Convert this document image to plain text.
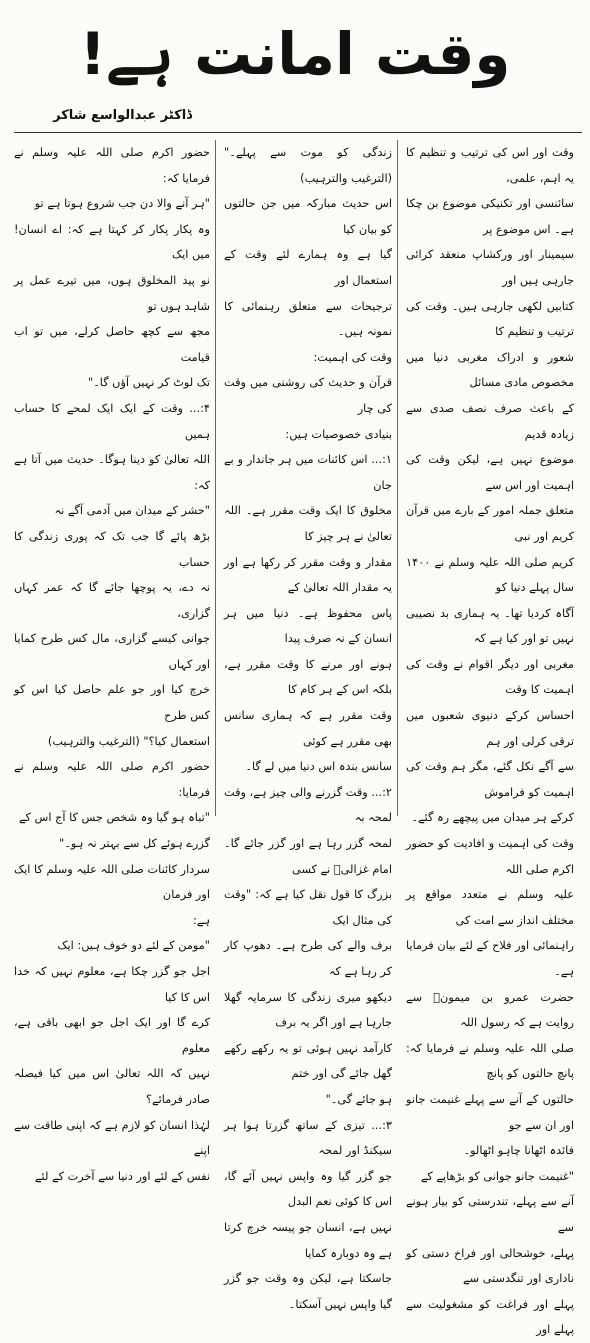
وقت امانت ہے!
ڈاکٹر عبدالواسع شاکر

وقت اور اس کی ترتیب و تنظیم کا یہ اہم، علمی،

سائنسی اور تکنیکی موضوع بن چکا ہے۔ اس موضوع پر

سیمینار اور ورکشاپ منعقد کرائی جارہی ہیں اور

کتابیں لکھی جارہی ہیں۔ وقت کی ترتیب و تنظیم کا

شعور و ادراک مغربی دنیا میں مخصوص مادی مسائل

کے باعث صرف نصف صدی سے زیادہ قدیم

موضوع نہیں ہے، لیکن وقت کی اہمیت اور اس سے

متعلق جملہ امور کے بارے میں قرآن کریم اور نبی

کریم صلی اللہ علیہ وسلم نے ۱۴۰۰ سال پہلے دنیا کو

آگاہ کردیا تھا۔ یہ ہماری بد نصیبی نہیں تو اور کیا ہے کہ

مغربی اور دیگر اقوام نے وقت کی اہمیت کا وقت

احساس کرکے دنیوی شعبوں میں ترقی کرلی اور ہم

سے آگے نکل گئے، مگر ہم وقت کی اہمیت کو فراموش

کرکے ہر میدان میں پیچھے رہ گئے۔

وقت کی اہمیت و افادیت کو حضور اکرم صلی اللہ

علیہ وسلم نے متعدد مواقع پر مختلف انداز سے امت کی

راہنمائی اور فلاح کے لئے بیان فرمایا ہے۔

حضرت عمرو بن میمونؓ سے روایت ہے کہ رسول اللہ

صلی اللہ علیہ وسلم نے فرمایا کہ: پانچ حالتوں کو پانچ

حالتوں کے آنے سے پہلے غنیمت جانو اور ان سے جو

فائدہ اٹھانا چاہو اٹھالو۔

"غنیمت جانو جوانی کو بڑھاپے کے

آنے سے پہلے، تندرستی کو بیار ہونے سے

پہلے، خوشحالی اور فراخ دستی کو ناداری اور تنگدستی سے

پہلے اور فراغت کو مشغولیت سے پہلے اور

زندگی کو موت سے پہلے۔" (الترغیب والترہیب)

اس حدیث مبارکہ میں جن حالتوں کو بیان کیا

گیا ہے وہ ہمارے لئے وقت کے استعمال اور

ترجیحات سے متعلق رہنمائی کا نمونہ ہیں۔

وقت کی اہمیت:

قرآن و حدیث کی روشنی میں وقت کی چار

بنیادی خصوصیات ہیں:

۱:... اس کائنات میں ہر جاندار و بے جان

مخلوق کا ایک وقت مقرر ہے۔ اللہ تعالیٰ نے ہر چیز کا

مقدار و وقت مقرر کر رکھا ہے اور یہ مقدار اللہ تعالیٰ کے

پاس محفوظ ہے۔ دنیا میں ہر انسان کے نہ صرف پیدا

ہونے اور مرنے کا وقت مقرر ہے، بلکہ اس کے ہر کام کا

وقت مقرر ہے کہ ہماری سانس بھی مقرر ہے کوئی

سانس بندہ اس دنیا میں لے گا۔

۲:... وقت گزرنے والی چیز ہے، وقت لمحہ بہ

لمحہ گزر رہا ہے اور گزر جائے گا۔ امام غزالیؒ نے کسی

بزرگ کا قول نقل کیا ہے کہ: "وقت کی مثال ایک

برف والے کی طرح ہے۔ دھوپ کار کر رہا ہے کہ

دیکھو میری زندگی کا سرمایہ گھلا جارہا ہے اور اگر یہ برف

کارآمد نہیں ہوئی تو یہ رکھے رکھے گھل جائے گی اور ختم

ہو جائے گی۔"

۳:... تیزی کے ساتھ گزرتا ہوا ہر سیکنڈ اور لمحہ

جو گزر گیا وہ واپس نہیں آئے گا، اس کا کوئی نعم البدل

نہیں ہے، انسان جو پیسہ خرچ کرتا ہے وہ دوبارہ کمایا

جاسکتا ہے، لیکن وہ وقت جو گزر گیا واپس نہیں آسکتا۔

حضور اکرم صلی اللہ علیہ وسلم نے فرمایا کہ:

"ہر آنے والا دن جب شروع ہوتا ہے تو

وہ پکار پکار کر کہتا ہے کہ: اے انسان! میں ایک

نو پید المخلوق ہوں، میں تیرے عمل پر شاہد ہوں تو

مجھ سے کچھ حاصل کرلے، میں تو اب قیامت

تک لوٹ کر نہیں آؤں گا۔"

۴:... وقت کے ایک ایک لمحے کا حساب ہمیں

اللہ تعالیٰ کو دینا ہوگا۔ حدیث میں آتا ہے کہ:

"حشر کے میدان میں آدمی آگے نہ

بڑھ پائے گا جب تک کہ پوری زندگی کا حساب

نہ دے، یہ پوچھا جائے گا کہ عمر کہاں گزاری،

جوانی کیسے گزاری، مال کس طرح کمایا اور کہاں

خرچ کیا اور جو علم حاصل کیا اس کو کس طرح

استعمال کیا؟" (الترغیب والترہیب)

حضور اکرم صلی اللہ علیہ وسلم نے فرمایا:

"تباہ ہو گیا وہ شخص جس کا آج اس کے

گزرے ہوئے کل سے بہتر نہ ہو۔"

سردار کائنات صلی اللہ علیہ وسلم کا ایک اور فرمان

ہے:

"مومن کے لئے دو خوف ہیں: ایک

اجل جو گزر چکا ہے، معلوم نہیں کہ خدا اس کا کیا

کرے گا اور ایک اجل جو ابھی باقی ہے، معلوم

نہیں کہ اللہ تعالیٰ اس میں کیا فیصلہ صادر فرمائے؟

لہٰذا انسان کو لازم ہے کہ اپنی طاقت سے اپنے

نفس کے لئے اور دنیا سے آخرت کے لئے
